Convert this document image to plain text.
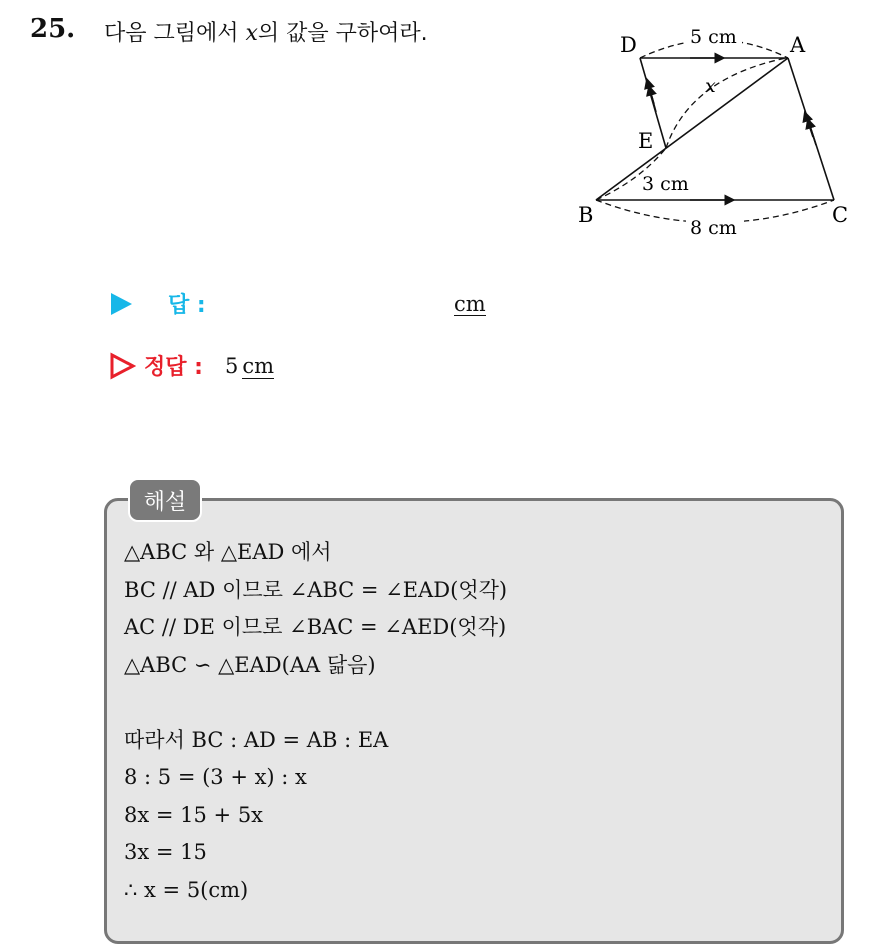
25. 다음 그림에서 x의 값을 구하여라.	D	A
E
B	C
5 cm
x
3 cm
8 cm
답 :	cm
정답 : 5 cm
해설
△ABC 와 △EAD 에서
BC // AD 이므로 ∠ABC = ∠EAD(엇각)
AC // DE 이므로 ∠BAC = ∠AED(엇각)
△ABC ∽ △EAD(AA 닮음)
따라서 BC : AD = AB : EA
8 : 5 = (3 + x) : x
8x = 15 + 5x
3x = 15
∴ x = 5(cm)
